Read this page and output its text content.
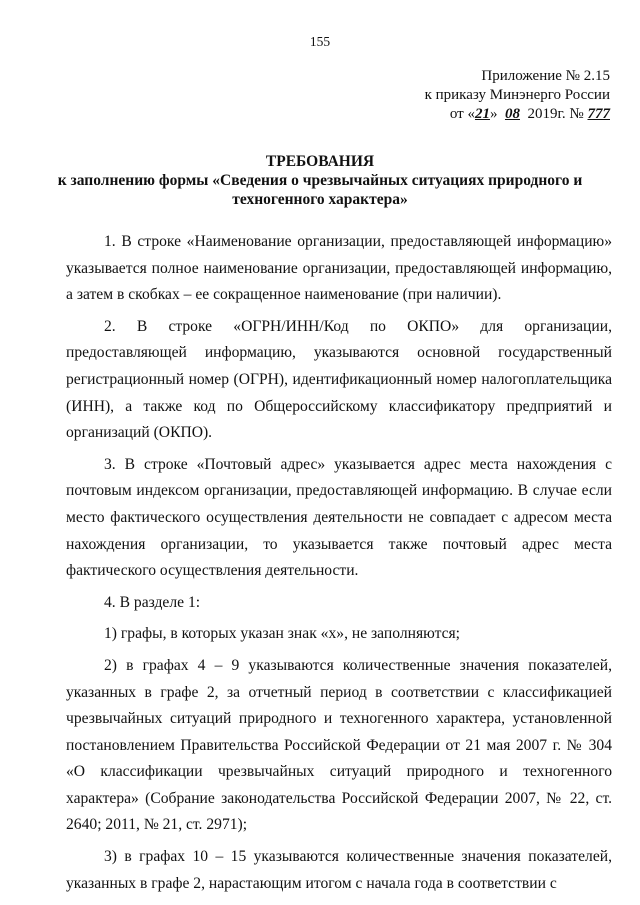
155
Приложение № 2.15
к приказу Минэнерго России
от «21» 08 2019г. № 777
ТРЕБОВАНИЯ
к заполнению формы «Сведения о чрезвычайных ситуациях природного и
техногенного характера»

1. В строке «Наименование организации, предоставляющей информацию» указывается полное наименование организации, предоставляющей информацию, а затем в скобках – ее сокращенное наименование (при наличии).

2. В строке «ОГРН/ИНН/Код по ОКПО» для организации, предоставляющей информацию, указываются основной государственный регистрационный номер (ОГРН), идентификационный номер налогоплательщика (ИНН), а также код по Общероссийскому классификатору предприятий и организаций (ОКПО).

3. В строке «Почтовый адрес» указывается адрес места нахождения с почтовым индексом организации, предоставляющей информацию. В случае если место фактического осуществления деятельности не совпадает с адресом места нахождения организации, то указывается также почтовый адрес места фактического осуществления деятельности.

4. В разделе 1:

1) графы, в которых указан знак «х», не заполняются;

2) в графах 4 – 9 указываются количественные значения показателей, указанных в графе 2, за отчетный период в соответствии с классификацией чрезвычайных ситуаций природного и техногенного характера, установленной постановлением Правительства Российской Федерации от 21 мая 2007 г. № 304 «О классификации чрезвычайных ситуаций природного и техногенного характера» (Собрание законодательства Российской Федерации 2007, № 22, ст. 2640; 2011, № 21, ст. 2971);

3) в графах 10 – 15 указываются количественные значения показателей, указанных в графе 2, нарастающим итогом с начала года в соответствии с
